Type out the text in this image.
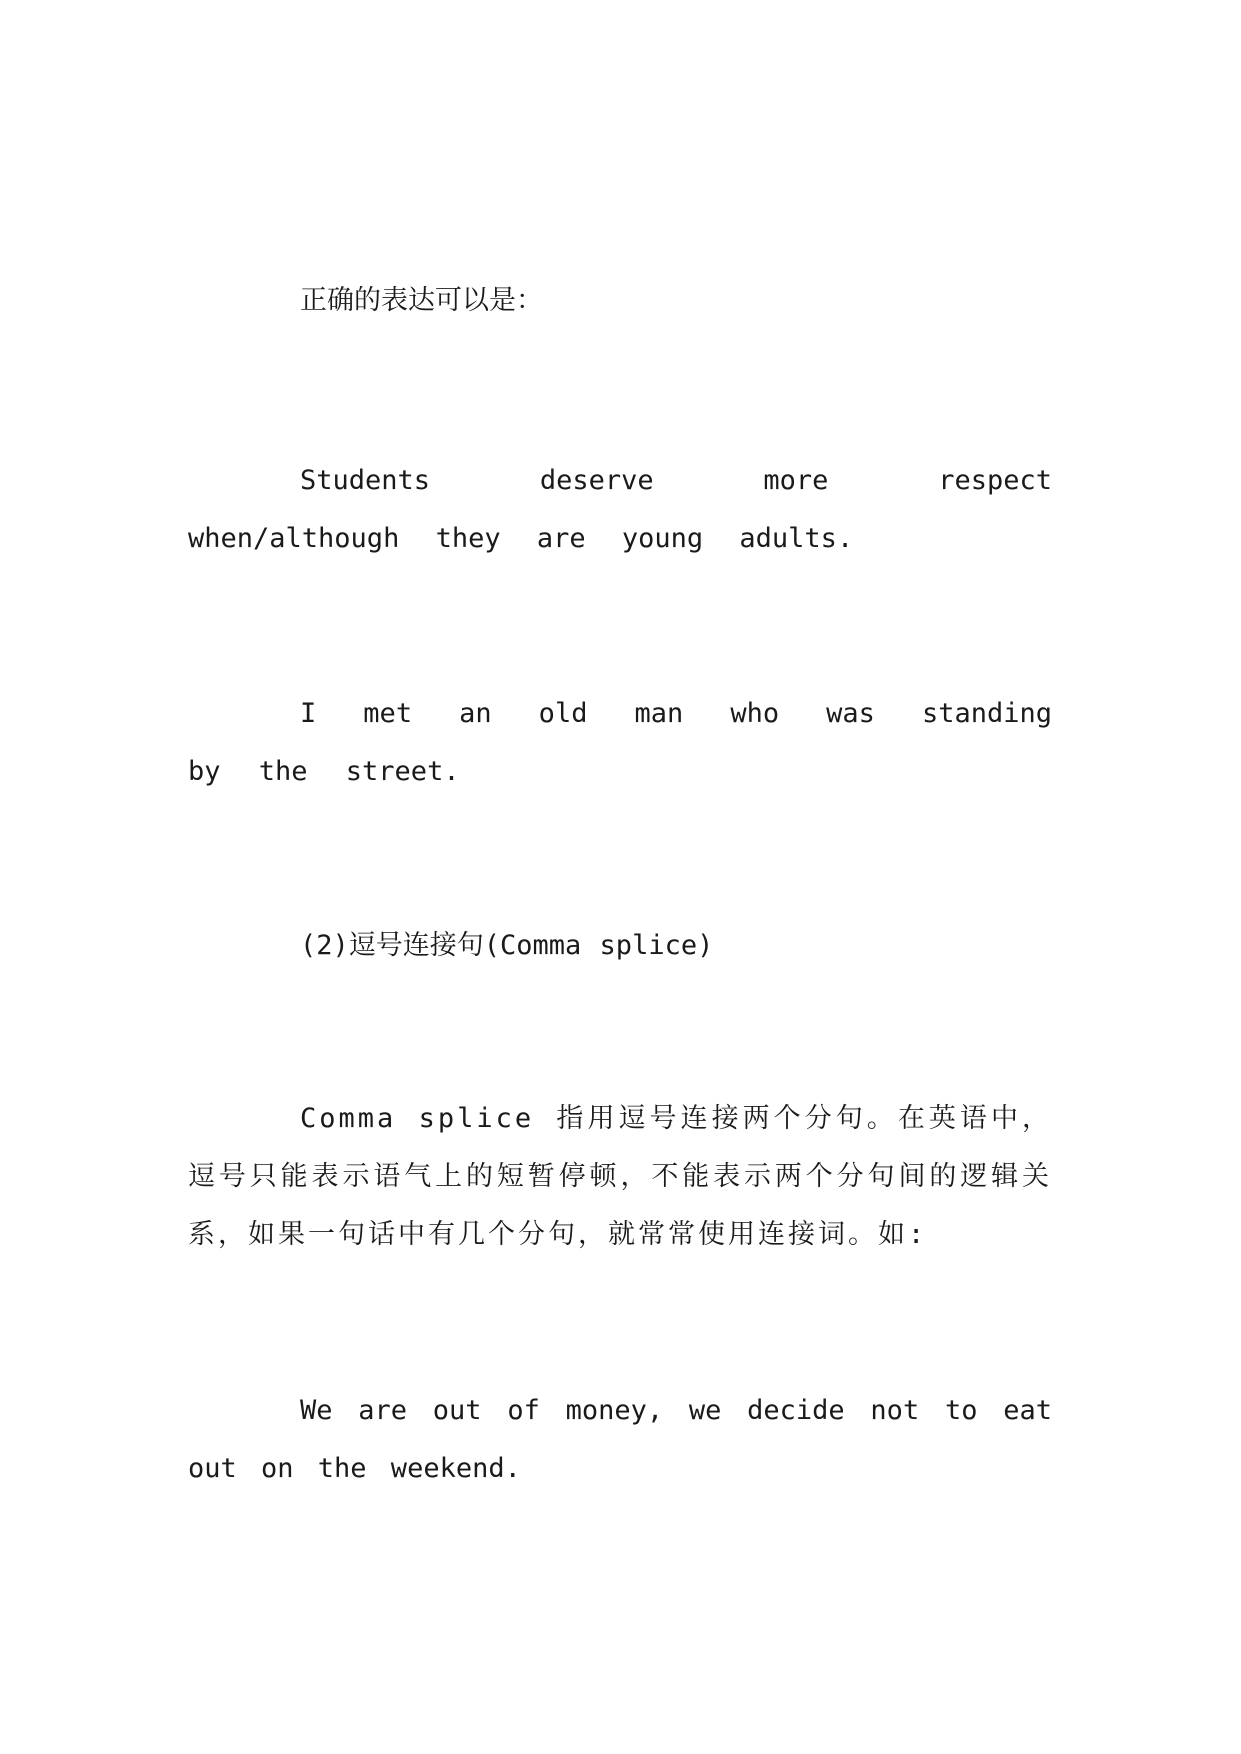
正确的表达可以是：

Students deserve more respect when/although they are young adults.

I met an old man who was standing by the street.

(2)逗号连接句(Comma splice)

Comma splice 指用逗号连接两个分句。在英语中，逗号只能表示语气上的短暂停顿，不能表示两个分句间的逻辑关系，如果一句话中有几个分句，就常常使用连接词。如:

We are out of money, we decide not to eat out on the weekend.
